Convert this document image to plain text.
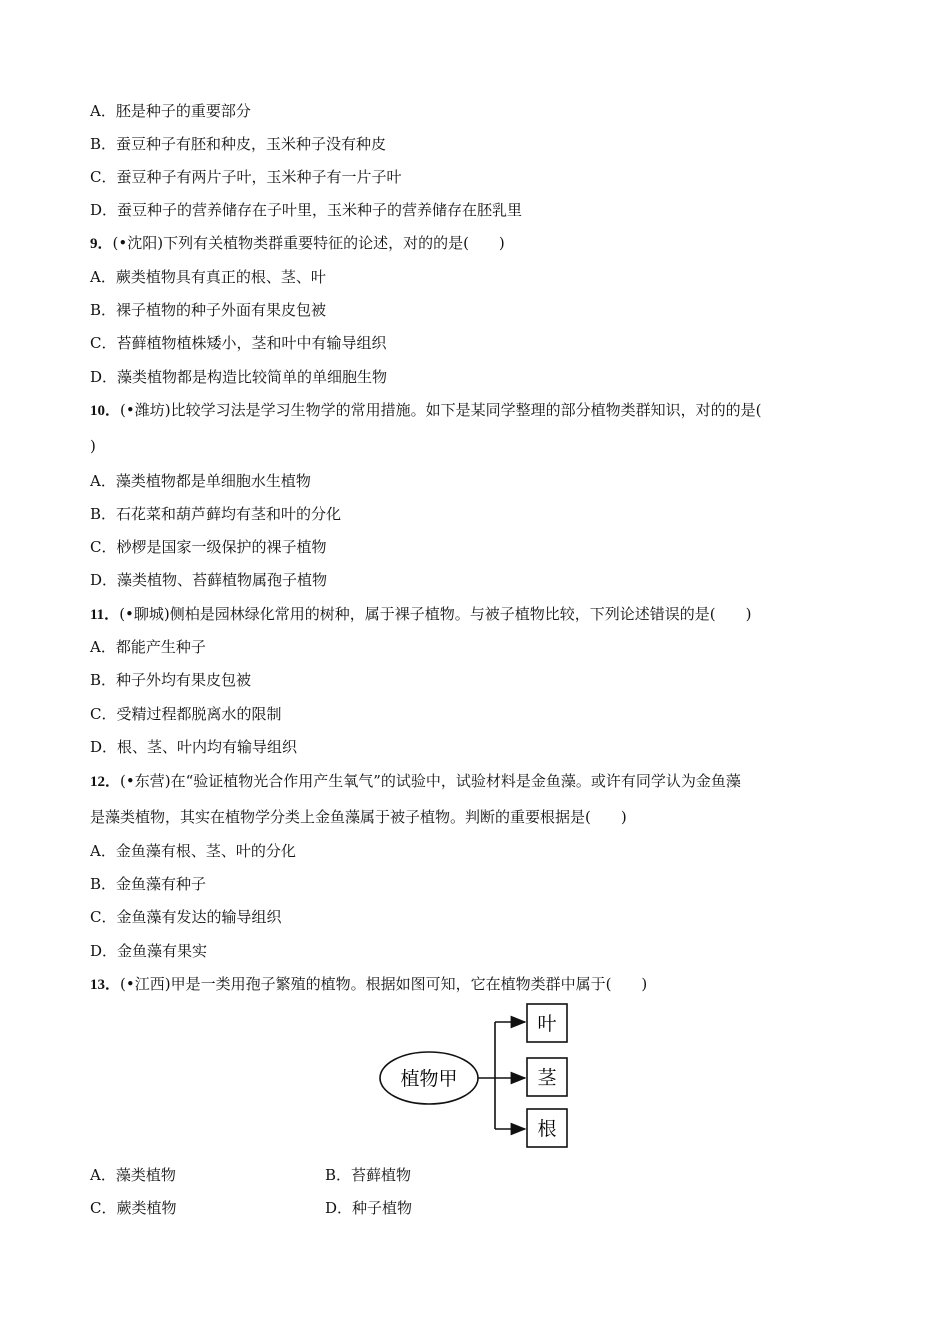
A．胚是种子的重要部分
B．蚕豆种子有胚和种皮，玉米种子没有种皮
C．蚕豆种子有两片子叶，玉米种子有一片子叶
D．蚕豆种子的营养储存在子叶里，玉米种子的营养储存在胚乳里
9．(•沈阳)下列有关植物类群重要特征的论述，对的的是(　　)
A．蕨类植物具有真正的根、茎、叶
B．裸子植物的种子外面有果皮包被
C．苔藓植物植株矮小，茎和叶中有输导组织
D．藻类植物都是构造比较简单的单细胞生物
10．(•潍坊)比较学习法是学习生物学的常用措施。如下是某同学整理的部分植物类群知识，对的的是(
)
A．藻类植物都是单细胞水生植物
B．石花菜和葫芦藓均有茎和叶的分化
C．桫椤是国家一级保护的裸子植物
D．藻类植物、苔藓植物属孢子植物
11．(•聊城)侧柏是园林绿化常用的树种，属于裸子植物。与被子植物比较，下列论述错误的是(　　)
A．都能产生种子
B．种子外均有果皮包被
C．受精过程都脱离水的限制
D．根、茎、叶内均有输导组织
12．(•东营)在“验证植物光合作用产生氧气”的试验中，试验材料是金鱼藻。或许有同学认为金鱼藻
是藻类植物，其实在植物学分类上金鱼藻属于被子植物。判断的重要根据是(　　)
A．金鱼藻有根、茎、叶的分化
B．金鱼藻有种子
C．金鱼藻有发达的输导组织
D．金鱼藻有果实
13．(•江西)甲是一类用孢子繁殖的植物。根据如图可知，它在植物类群中属于(　　)
植物甲
叶
茎
根
A．藻类植物	B．苔藓植物
C．蕨类植物	D．种子植物
